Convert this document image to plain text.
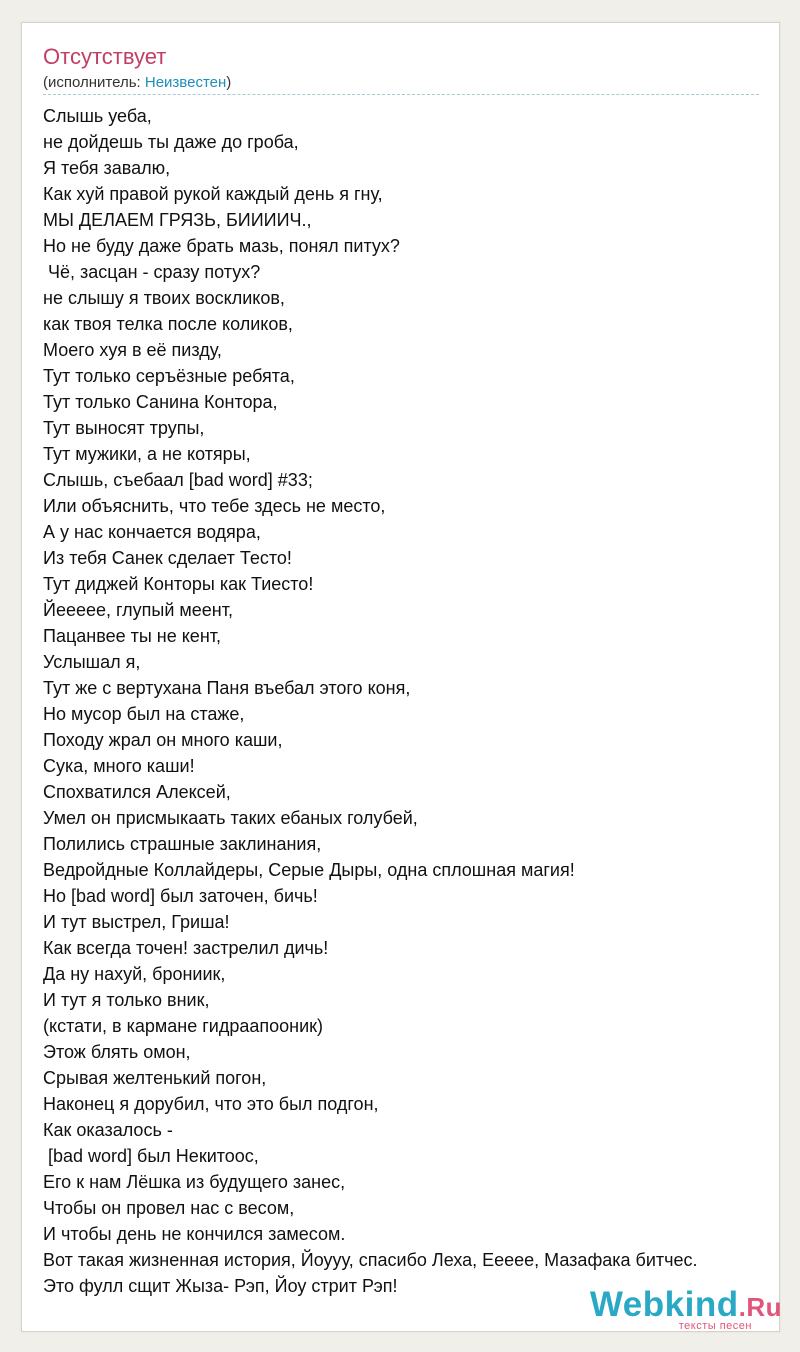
Отсутствует
(исполнитель: Неизвестен)
Слышь уеба,
не дойдешь ты даже до гроба,
Я тебя завалю,
Как хуй правой рукой каждый день я гну,
МЫ ДЕЛАЕМ ГРЯЗЬ, БИИИИЧ.,
Но не буду даже брать мазь, понял питух?
Чё, засцан - сразу потух?
не слышу я твоих воскликов,
как твоя телка после коликов,
Моего хуя в её пизду,
Тут только серъёзные ребята,
Тут только Санина Контора,
Тут выносят трупы,
Тут мужики, а не котяры,
Слышь, съебаал [bad word] #33;
Или объяснить, что тебе здесь не место,
А у нас кончается водяра,
Из тебя Санек сделает Тесто!
Тут диджей Конторы как Тиесто!
Йеееее, глупый меент,
Пацанвее ты не кент,
Услышал я,
Тут же с вертухана Паня въебал этого коня,
Но мусор был на стаже,
Походу жрал он много каши,
Сука, много каши!
Спохватился Алексей,
Умел он присмыкаать таких ебаных голубей,
Полились страшные заклинания,
Ведройдные Коллайдеры, Серые Дыры, одна сплошная магия!
Но [bad word] был заточен, бичь!
И тут выстрел, Гриша!
Как всегда точен! застрелил дичь!
Да ну нахуй, брониик,
И тут я только вник,
(кстати, в кармане гидраапооник)
Этож блять омон,
Срывая желтенький погон,
Наконец я дорубил, что это был подгон,
Как оказалось -
[bad word] был Некитоос,
Его к нам Лёшка из будущего занес,
Чтобы он провел нас с весом,
И чтобы день не кончился замесом.
Вот такая жизненная история, Йоууу, спасибо Леха, Еееее, Мазафака битчес.
Это фулл сщит Жыза- Рэп, Йоу стрит Рэп!	Webkind.Ru
тексты песен
